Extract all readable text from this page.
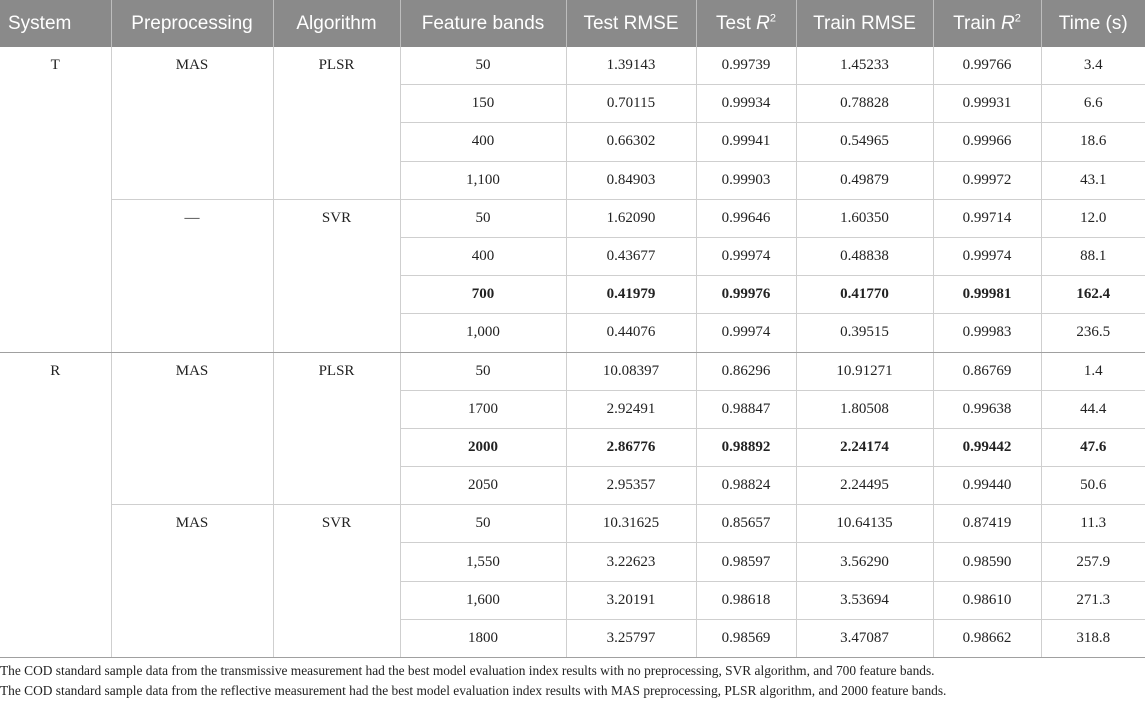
System	Preprocessing	Algorithm	Feature bands	Test RMSE	Test $R^2$	Train RMSE	Train $R^2$	Time (s)
T	MAS	PLSR	50	1.39143	0.99739	1.45233	0.99766	3.4
			150	0.70115	0.99934	0.78828	0.99931	6.6
			400	0.66302	0.99941	0.54965	0.99966	18.6
			1,100	0.84903	0.99903	0.49879	0.99972	43.1
	—	SVR	50	1.62090	0.99646	1.60350	0.99714	12.0
			400	0.43677	0.99974	0.48838	0.99974	88.1
			700	0.41979	0.99976	0.41770	0.99981	162.4
			1,000	0.44076	0.99974	0.39515	0.99983	236.5
R	MAS	PLSR	50	10.08397	0.86296	10.91271	0.86769	1.4
			1700	2.92491	0.98847	1.80508	0.99638	44.4
			2000	2.86776	0.98892	2.24174	0.99442	47.6
			2050	2.95357	0.98824	2.24495	0.99440	50.6
	MAS	SVR	50	10.31625	0.85657	10.64135	0.87419	11.3
			1,550	3.22623	0.98597	3.56290	0.98590	257.9
			1,600	3.20191	0.98618	3.53694	0.98610	271.3
			1800	3.25797	0.98569	3.47087	0.98662	318.8

The COD standard sample data from the transmissive measurement had the best model evaluation index results with no preprocessing, SVR algorithm, and 700 feature bands.

The COD standard sample data from the reflective measurement had the best model evaluation index results with MAS preprocessing, PLSR algorithm, and 2000 feature bands.
